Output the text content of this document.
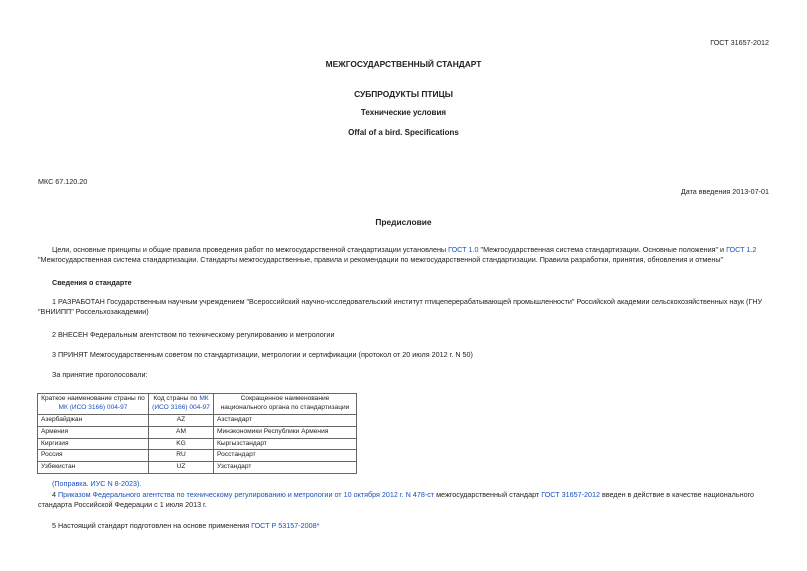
ГОСТ 31657-2012
МЕЖГОСУДАРСТВЕННЫЙ СТАНДАРТ
СУБПРОДУКТЫ ПТИЦЫ
Технические условия
Offal of a bird. Specifications
МКС 67.120.20
Дата введения 2013-07-01
Предисловие

Цели, основные принципы и общие правила проведения работ по межгосударственной стандартизации установлены ГОСТ 1.0 "Межгосударственная система стандартизации. Основные положения" и ГОСТ 1.2 "Межгосударственная система стандартизации. Стандарты межгосударственные, правила и рекомендации по межгосударственной стандартизации. Правила разработки, принятия, обновления и отмены"

Сведения о стандарте

1 РАЗРАБОТАН Государственным научным учреждением "Всероссийский научно-исследовательский институт птицеперерабатывающей промышленности" Российской академии сельскохозяйственных наук (ГНУ "ВНИИПП" Россельхозакадемии)

2 ВНЕСЕН Федеральным агентством по техническому регулированию и метрологии

3 ПРИНЯТ Межгосударственным советом по стандартизации, метрологии и сертификации (протокол от 20 июля 2012 г. N 50)

За принятие проголосовали:

Краткое наименование страны по МК (ИСО 3166) 004-97	Код страны по МК (ИСО 3166) 004-97	Сокращенное наименование национального органа по стандартизации
Азербайджан	AZ	Азстандарт
Армения	AM	Минэкономики Республики Армения
Киргизия	KG	Кыргызстандарт
Россия	RU	Росстандарт
Узбекистан	UZ	Узстандарт
(Поправка. ИУС N 8-2023).

4 Приказом Федерального агентства по техническому регулированию и метрологии от 10 октября 2012 г. N 478-ст межгосударственный стандарт ГОСТ 31657-2012 введен в действие в качестве национального стандарта Российской Федерации с 1 июля 2013 г.

5 Настоящий стандарт подготовлен на основе применения ГОСТ Р 53157-2008*
